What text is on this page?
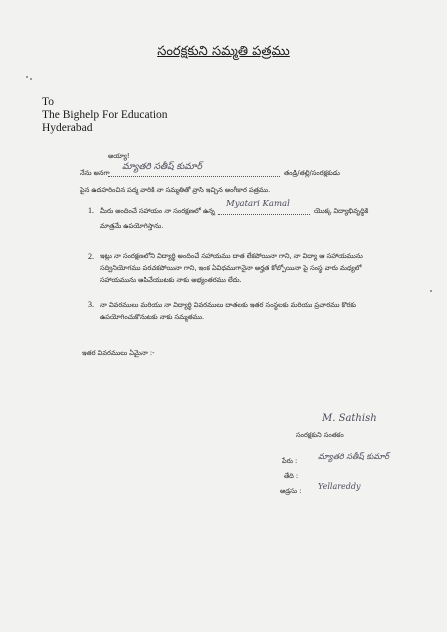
సంరక్షకుని సమ్మతి పత్రము
To
The Bighelp For Education
Hyderabad
అయ్యా!
నేను అనగా
మ్యాతరి సతీష్ కుమార్
తండ్రి/తల్లి/సంరక్షకుడు
పైన ఉదహరించిన పద్మ వారికి నా సమ్మతితో వ్రాసి ఇచ్చిన అంగీకార పత్రము.
1. మీరు అందించే సహాయం నా సంరక్షణలో ఉన్న
Myatari Kamal
యొక్క విద్యాభివృద్ధికి
మాత్రమే ఉపయోగిస్తాను.
2. ఇట్లు నా సంరక్షణలోని విద్యార్థి అందించే సహాయము దాత లేకపోయినా గాని, నా విద్యా ఆ సహాయమును
సద్వినియోగము పరచకపోయినా గాని, ఇంక ఏవిధముగానైనా అర్హత కోల్పోయినా పై సంస్థ వారు మధ్యలో
సహాయమును ఆపివేయుటకు నాకు అభ్యంతరము లేదు.
3. నా వివరములు మరియు నా విద్యార్థి వివరములు దాతలకు ఇతర సంస్థలకు మరియు ప్రచారము కొరకు
ఉపయోగించుకొనుటకు నాకు సమ్మతము.
ఇతర వివరములు ఏమైనా :-
M. Sathish
సంరక్షకుని సంతకం
పేరు :	మ్యాతరి సతీష్ కుమార్
తేది :
అడ్రసు : Yellareddy
